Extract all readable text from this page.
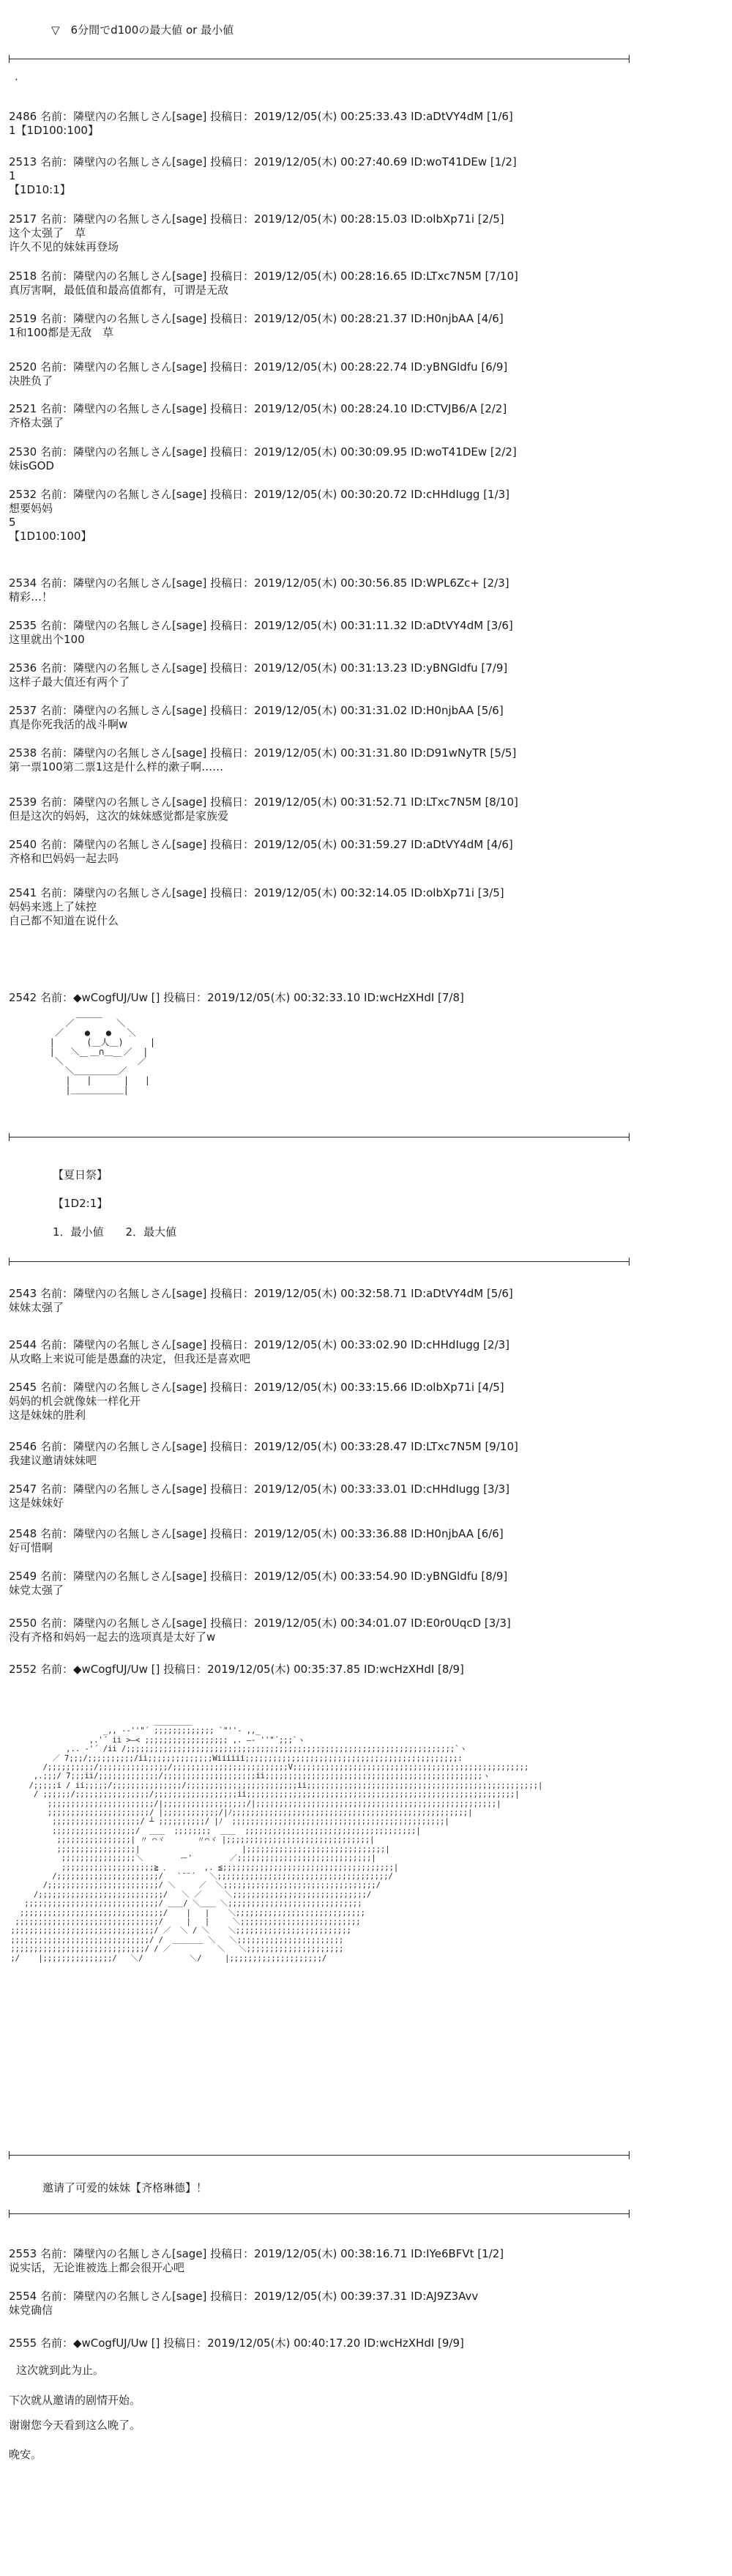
▽　6分間でd100の最大値 or 最小値
·
2486 名前：隣壁內の名無しさん[sage] 投稿日：2019/12/05(木) 00:25:33.43 ID:aDtVY4dM [1/6]
1【1D100:100】
2513 名前：隣壁內の名無しさん[sage] 投稿日：2019/12/05(木) 00:27:40.69 ID:woT41DEw [1/2]
1
【1D10:1】
2517 名前：隣壁內の名無しさん[sage] 投稿日：2019/12/05(木) 00:28:15.03 ID:olbXp71i [2/5]
这个太强了　草
许久不见的妹妹再登场
2518 名前：隣壁內の名無しさん[sage] 投稿日：2019/12/05(木) 00:28:16.65 ID:LTxc7N5M [7/10]
真厉害啊，最低值和最高值都有，可谓是无敌
2519 名前：隣壁內の名無しさん[sage] 投稿日：2019/12/05(木) 00:28:21.37 ID:H0njbAA [4/6]
1和100都是无敌　草
2520 名前：隣壁內の名無しさん[sage] 投稿日：2019/12/05(木) 00:28:22.74 ID:yBNGldfu [6/9]
决胜负了
2521 名前：隣壁內の名無しさん[sage] 投稿日：2019/12/05(木) 00:28:24.10 ID:CTVJB6/A [2/2]
齐格太强了
2530 名前：隣壁內の名無しさん[sage] 投稿日：2019/12/05(木) 00:30:09.95 ID:woT41DEw [2/2]
妹isGOD
2532 名前：隣壁內の名無しさん[sage] 投稿日：2019/12/05(木) 00:30:20.72 ID:cHHdIugg [1/3]
想要妈妈
5
【1D100:100】
2534 名前：隣壁內の名無しさん[sage] 投稿日：2019/12/05(木) 00:30:56.85 ID:WPL6Zc+ [2/3]
精彩…！
2535 名前：隣壁內の名無しさん[sage] 投稿日：2019/12/05(木) 00:31:11.32 ID:aDtVY4dM [3/6]
这里就出个100
2536 名前：隣壁內の名無しさん[sage] 投稿日：2019/12/05(木) 00:31:13.23 ID:yBNGldfu [7/9]
这样子最大值还有两个了
2537 名前：隣壁內の名無しさん[sage] 投稿日：2019/12/05(木) 00:31:31.02 ID:H0njbAA [5/6]
真是你死我活的战斗啊w
2538 名前：隣壁內の名無しさん[sage] 投稿日：2019/12/05(木) 00:31:31.80 ID:D91wNyTR [5/5]
第一票100第二票1这是什么样的漱子啊……
2539 名前：隣壁內の名無しさん[sage] 投稿日：2019/12/05(木) 00:31:52.71 ID:LTxc7N5M [8/10]
但是这次的妈妈，这次的妹妹感觉都是家族爱
2540 名前：隣壁內の名無しさん[sage] 投稿日：2019/12/05(木) 00:31:59.27 ID:aDtVY4dM [4/6]
齐格和巴妈妈一起去吗
2541 名前：隣壁內の名無しさん[sage] 投稿日：2019/12/05(木) 00:32:14.05 ID:olbXp71i [3/5]
妈妈来逃上了妹控
自己都不知道在说什么
2542 名前：◆wCogfUJ/Uw [] 投稿日：2019/12/05(木) 00:32:33.10 ID:wcHzXHdI [7/8]
＿＿＿
／        ＼
／    ●   ●   ＼
|      (＿人＿)     |
|   ＼  ＿∩＿  ／  |
＼   ￣  　 ￣   ／
＼＿＿＿＿＿／
|   |      |   |
|＿＿＿＿＿＿|
【夏日祭】
【1D2:1】
1．最小値　　2．最大値
2543 名前：隣壁內の名無しさん[sage] 投稿日：2019/12/05(木) 00:32:58.71 ID:aDtVY4dM [5/6]
妹妹太强了
2544 名前：隣壁內の名無しさん[sage] 投稿日：2019/12/05(木) 00:33:02.90 ID:cHHdIugg [2/3]
从攻略上来说可能是愚蠢的决定，但我还是喜欢吧
2545 名前：隣壁內の名無しさん[sage] 投稿日：2019/12/05(木) 00:33:15.66 ID:olbXp71i [4/5]
妈妈的机会就像妹一样化开
这是妹妹的胜利
2546 名前：隣壁內の名無しさん[sage] 投稿日：2019/12/05(木) 00:33:28.47 ID:LTxc7N5M [9/10]
我建议邀请妹妹吧
2547 名前：隣壁內の名無しさん[sage] 投稿日：2019/12/05(木) 00:33:33.01 ID:cHHdIugg [3/3]
这是妹妹好
2548 名前：隣壁內の名無しさん[sage] 投稿日：2019/12/05(木) 00:33:36.88 ID:H0njbAA [6/6]
好可惜啊
2549 名前：隣壁內の名無しさん[sage] 投稿日：2019/12/05(木) 00:33:54.90 ID:yBNGldfu [8/9]
妹党太强了
2550 名前：隣壁內の名無しさん[sage] 投稿日：2019/12/05(木) 00:34:01.07 ID:E0r0UqcD [3/3]
没有齐格和妈妈一起去的选项真是太好了w
2552 名前：◆wCogfUJ/Uw [] 投稿日：2019/12/05(木) 00:35:37.85 ID:wcHzXHdI [8/9]
＿＿＿＿＿
_,, -‐''"´ ;;;;;;;;;;;;; `"''‐ ,,_
,.'´ ii >―< ;;;;;;;;;;;;;;;;;; ,. ―‐ ''"´;;;`ヽ
,.. ‐'´ /ii /;;;;;;;;;;;;;;;;;;;;;;;;;;;;;;;;;;;;;;;;;;;;;;;;;;;;;;;;;;;;;;;;;;;;;;;`ヽ
／ 7;;;/;;;;;;;;;;/ii;;;;;;;;;;;;;;Wiiiiii;;;;;;;;;;;;;;;;;;;;;;;;;;;;;;;;;;;;;;;;;;;;;;:
/;;;;;;;;;;/;;;;;;;;;;;;;;;/;;;;;;;;;;;;;;;;;;;;;;;;;V;;;;;;;;;;;;;;;;;;;;;;;;;;;;;;;;;;;;;;;;;;;;;;;;;;;
,.;;;/ 7;;;ii/;;;;;;;;;;;;;/;;;;;;;;;;;;;;;;;;;;ii;;;;;;;;;;;;;;;;;;;;;;;;;;;;;;;;;;;;;;;;;;;;;;;ヽ
/;;;;;i / ii;;;;;/;;;;;;;;;;;;;;;/;;;;;;;;;;;;;;;;;;;;;;;;ii;;;;;;;;;;;;;;;;;;;;;;;;;;;;;;;;;;;;;;;;;;;;;;;;;;|
/ ;;;;;;/;;;;;;;;;;;;;;;;/;;;;;;;;;;;;;;;;;;ii;;;;;;;;;;;;;;;;;;;;;;;;;;;;;;;;;;;;;;;;;;;;;;;;;;;;;;;;;;|
;;;;;;;;;;;;;;;;;;;;;;;/|;;;;;;;;;;;;;;;;;;/|;;;;;;;;;;;;;;;;;;;;;;;;;;;;;;;;;;;;;;;;;;;;;;;;;;;;|
;;;;;;;;;;;;;;;;;;;;;;/ |;;;;;;;;;;;;/|ﾉ;;;;;;;;;;;;;;;;;;;;;;;;;;;;;;;;;;;;;;;;;;;;;;;;;;;|
;;;;;;;;;;;;;;;;;;;/ ┴ ;;;;;;;;;;/ |ﾉ  ;;;;;;;;;;;;;;;;;;;;;;;;;;;;;;;;;;;;;;;;;;;;;;|
;;;;;;;;;;;;;;;;;;/  ＿＿  ;;;;;;;;  ＿＿  ;;;;;;;;;;;;;;;;;;;;;;;;;;;;;;;;;;;;;|
;;;;;;;;;;;;;;;;| 〃 ⌒ヾ       〃⌒ヾ |;;;;;;;;;;;;;;;;;;;;;;;;;;;;;;;|
;;;;;;;;;;;;;;;;;|                      |;;;;;;;;;;;;;;;;;;;;;;;;;;;;;;|
;;;;;;;;;;;;;;;;＼        ー'        ／;;;;;;;;;;;;;;;;;;;;;;;;;;;;;|
;;;;;;;;;;;;;;;;;;;;≧ ､        ,. ≦;;;;;;;;;;;;;;;;;;;;;;;;;;;;;;;;;;;;;|
/;;;;;;;;;;;;;;;;;;;;;;/   `¨¨´   ＼;;;;;;;;;;;;;;;;;;;;;;;;;;;;;;;;;;;;;/
/;;;;;;;;;;;;;;;;;;;;;;;;/ ＼     ／  ＼;;;;;;;;;;;;;;;;;;;;;;;;;;;;;;;;;/
/;;;;;;;;;;;;;;;;;;;;;;;;;;;/   ＼ ／     ＼;;;;;;;;;;;;;;;;;;;;;;;;;;;;;/
;;;;;;;;;;;;;;;;;;;;;;;;;;;;;/ ＿＿/ ＼＿＿ ＼;;;;;;;;;;;;;;;;;;;;;;;;;;;;;
;;;;;;;;;;;;;;;;;;;;;;;;;;;;;;;/    |   |    ＼;;;;;;;;;;;;;;;;;;;;;;;;;;;;
;;;;;;;;;;;;;;;;;;;;;;;;;;;;;;;/     |   |     ＼;;;;;;;;;;;;;;;;;;;;;;;;;;
;;;;;;;;;;;;;;;;;;;;;;;;;;;;;;;/ ／  ＼ / ＼    ＼;;;;;;;;;;;;;;;;;;;;;;;;;
;;;;;;;;;;;;;;;;;;;;;;;;;;;;;;/ /  ＿＿＿＿ ＼   ＼;;;;;;;;;;;;;;;;;;;;;;;
;;;;;;;;;;;;;;;;;;;;;;;;;;;;;/ / ／          ＼   ＼;;;;;;;;;;;;;;;;;;;;;
;/    |;;;;;;;;;;;;;;;/   ＼/          ＼/     |;;;;;;;;;;;;;;;;;;;;/
邀请了可爱的妹妹【齐格琳德】！
2553 名前：隣壁內の名無しさん[sage] 投稿日：2019/12/05(木) 00:38:16.71 ID:IYe6BFVt [1/2]
说实话，无论谁被选上都会很开心吧
2554 名前：隣壁內の名無しさん[sage] 投稿日：2019/12/05(木) 00:39:37.31 ID:AJ9Z3Avv
妹党确信
2555 名前：◆wCogfUJ/Uw [] 投稿日：2019/12/05(木) 00:40:17.20 ID:wcHzXHdI [9/9]
这次就到此为止。
下次就从邀请的剧情开始。
谢谢您今天看到这么晚了。
晚安。
